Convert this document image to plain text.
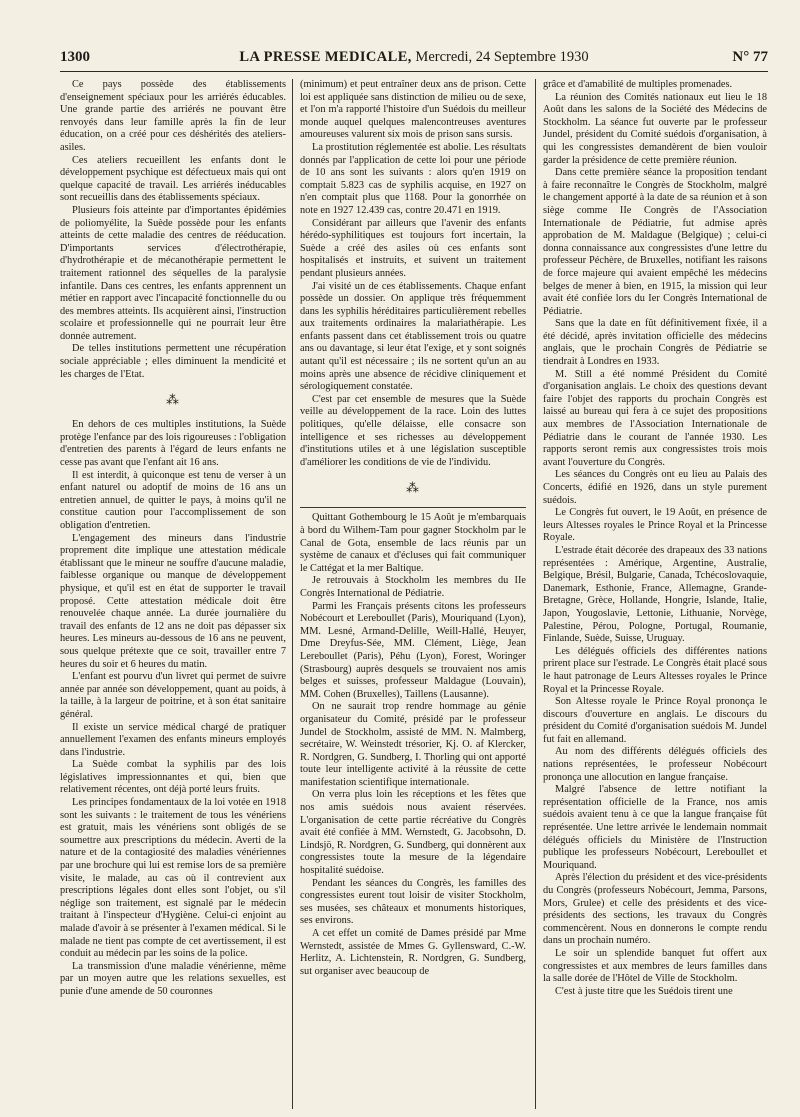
1300	LA PRESSE MEDICALE, Mercredi, 24 Septembre 1930	N° 77

Ce pays possède des établissements d'enseignement spéciaux pour les arriérés éducables. Une grande partie des arriérés ne pouvant être renvoyés dans leur famille après la fin de leur éducation, on a créé pour ces déshérités des ateliers-asiles.

Ces ateliers recueillent les enfants dont le développement psychique est défectueux mais qui ont quelque capacité de travail. Les arriérés inéducables sont recueillis dans des établissements spéciaux.

Plusieurs fois atteinte par d'importantes épidémies de poliomyélite, la Suède possède pour les enfants atteints de cette maladie des centres de rééducation. D'importants services d'électrothérapie, d'hydrothérapie et de mécanothérapie permettent le traitement rationnel des séquelles de la paralysie infantile. Dans ces centres, les enfants apprennent un métier en rapport avec l'incapacité fonctionnelle du ou des membres atteints. Ils acquièrent ainsi, l'instruction scolaire et professionnelle qui ne pourrait leur être donnée autrement.

De telles institutions permettent une récupération sociale appréciable ; elles diminuent la mendicité et les charges de l'Etat.

⁂

En dehors de ces multiples institutions, la Suède protège l'enfance par des lois rigoureuses : l'obligation d'entretien des parents à l'égard de leurs enfants ne cesse pas avant que l'enfant ait 16 ans.

Il est interdit, à quiconque est tenu de verser à un enfant naturel ou adoptif de moins de 16 ans un entretien annuel, de quitter le pays, à moins qu'il ne constitue caution pour l'accomplissement de son obligation d'entretien.

L'engagement des mineurs dans l'industrie proprement dite implique une attestation médicale établissant que le mineur ne souffre d'aucune maladie, faiblesse organique ou manque de développement physique, et qu'il est en état de supporter le travail proposé. Cette attestation médicale doit être renouvelée chaque année. La durée journalière du travail des enfants de 12 ans ne doit pas dépasser six heures. Les mineurs au-dessous de 16 ans ne peuvent, sous quelque prétexte que ce soit, travailler entre 7 heures du soir et 6 heures du matin.

L'enfant est pourvu d'un livret qui permet de suivre année par année son développement, quant au poids, à la taille, à la largeur de poitrine, et à son état sanitaire général.

Il existe un service médical chargé de pratiquer annuellement l'examen des enfants mineurs employés dans l'industrie.

La Suède combat la syphilis par des lois législatives impressionnantes et qui, bien que relativement récentes, ont déjà porté leurs fruits.

Les principes fondamentaux de la loi votée en 1918 sont les suivants : le traitement de tous les vénériens est gratuit, mais les vénériens sont obligés de se soumettre aux prescriptions du médecin. Averti de la nature et de la contagiosité des maladies vénériennes par une brochure qui lui est remise lors de sa première visite, le malade, au cas où il contrevient aux prescriptions légales dont elles sont l'objet, ou s'il néglige son traitement, est signalé par le médecin traitant à l'inspecteur d'Hygiène. Celui-ci enjoint au malade d'avoir à se présenter à l'examen médical. Si le malade ne tient pas compte de cet avertissement, il est conduit au médecin par les soins de la police.

La transmission d'une maladie vénérienne, même par un moyen autre que les relations sexuelles, est punie d'une amende de 50 couronnes

(minimum) et peut entraîner deux ans de prison. Cette loi est appliquée sans distinction de milieu ou de sexe, et l'on m'a rapporté l'histoire d'un Suédois du meilleur monde auquel quelques malencontreuses aventures amoureuses valurent six mois de prison sans sursis.

La prostitution réglementée est abolie. Les résultats donnés par l'application de cette loi pour une période de 10 ans sont les suivants : alors qu'en 1919 on comptait 5.823 cas de syphilis acquise, en 1927 on n'en comptait plus que 1168. Pour la gonorrhée on note en 1927 12.439 cas, contre 20.471 en 1919.

Considérant par ailleurs que l'avenir des enfants hérédo-syphilitiques est toujours fort incertain, la Suède a créé des asiles où ces enfants sont hospitalisés et instruits, et suivent un traitement pendant plusieurs années.

J'ai visité un de ces établissements. Chaque enfant possède un dossier. On applique très fréquemment dans les syphilis héréditaires particulièrement rebelles aux traitements ordinaires la malariathérapie. Les enfants passent dans cet établissement trois ou quatre ans ou davantage, si leur état l'exige, et y sont soignés autant qu'il est nécessaire ; ils ne sortent qu'un an au moins après une absence de récidive cliniquement et sérologiquement constatée.

C'est par cet ensemble de mesures que la Suède veille au développement de la race. Loin des luttes politiques, qu'elle délaisse, elle consacre son intelligence et ses richesses au développement d'institutions utiles et à une législation susceptible d'améliorer les conditions de vie de l'individu.

⁂

Quittant Gothembourg le 15 Août je m'embarquais à bord du Wilhem-Tam pour gagner Stockholm par le Canal de Gota, ensemble de lacs réunis par un système de canaux et d'écluses qui fait communiquer le Cattégat et la mer Baltique.

Je retrouvais à Stockholm les membres du IIe Congrès International de Pédiatrie.

Parmi les Français présents citons les professeurs Nobécourt et Lereboullet (Paris), Mouriquand (Lyon), MM. Lesné, Armand-Delille, Weill-Hallé, Heuyer, Dme Dreyfus-Sée, MM. Clément, Liège, Jean Lereboullet (Paris), Péhu (Lyon), Forest, Woringer (Strasbourg) auprès desquels se trouvaient nos amis belges et suisses, professeur Maldague (Louvain), MM. Cohen (Bruxelles), Taillens (Lausanne).

On ne saurait trop rendre hommage au génie organisateur du Comité, présidé par le professeur Jundel de Stockholm, assisté de MM. N. Malmberg, secrétaire, W. Weinstedt trésorier, Kj. O. af Klercker, R. Nordgren, G. Sundberg, I. Thorling qui ont apporté toute leur intelligente activité à la réussite de cette manifestation scientifique internationale.

On verra plus loin les réceptions et les fêtes que nos amis suédois nous avaient réservées. L'organisation de cette partie récréative du Congrès avait été confiée à MM. Wernstedt, G. Jacobsohn, D. Lindsjö, R. Nordgren, G. Sundberg, qui donnèrent aux congressistes toute la mesure de la légendaire hospitalité suédoise.

Pendant les séances du Congrès, les familles des congressistes eurent tout loisir de visiter Stockholm, ses musées, ses châteaux et monuments historiques, ses environs.

A cet effet un comité de Dames présidé par Mme Wernstedt, assistée de Mmes G. Gyllensward, C.-W. Herlitz, A. Lichtenstein, R. Nordgren, G. Sundberg, sut organiser avec beaucoup de

grâce et d'amabilité de multiples promenades.

La réunion des Comités nationaux eut lieu le 18 Août dans les salons de la Société des Médecins de Stockholm. La séance fut ouverte par le professeur Jundel, président du Comité suédois d'organisation, à qui les congressistes demandèrent de bien vouloir garder la présidence de cette première réunion.

Dans cette première séance la proposition tendant à faire reconnaître le Congrès de Stockholm, malgré le changement apporté à la date de sa réunion et à son siège comme IIe Congrès de l'Association Internationale de Pédiatrie, fut admise après approbation de M. Maldague (Belgique) ; celui-ci donna connaissance aux congressistes d'une lettre du professeur Péchère, de Bruxelles, notifiant les raisons de force majeure qui avaient empêché les médecins belges de mener à bien, en 1915, la mission qui leur avait été confiée lors du Ier Congrès International de Pédiatrie.

Sans que la date en fût définitivement fixée, il a été décidé, après invitation officielle des médecins anglais, que le prochain Congrès de Pédiatrie se tiendrait à Londres en 1933.

M. Still a été nommé Président du Comité d'organisation anglais. Le choix des questions devant faire l'objet des rapports du prochain Congrès est laissé au bureau qui fera à ce sujet des propositions aux membres de l'Association Internationale de Pédiatrie dans le courant de l'année 1930. Les rapports seront remis aux congressistes trois mois avant l'ouverture du Congrès.

Les séances du Congrès ont eu lieu au Palais des Concerts, édifié en 1926, dans un style purement suédois.

Le Congrès fut ouvert, le 19 Août, en présence de leurs Altesses royales le Prince Royal et la Princesse Royale.

L'estrade était décorée des drapeaux des 33 nations représentées : Amérique, Argentine, Australie, Belgique, Brésil, Bulgarie, Canada, Tchécoslovaquie, Danemark, Esthonie, France, Allemagne, Grande-Bretagne, Grèce, Hollande, Hongrie, Islande, Italie, Japon, Yougoslavie, Lettonie, Lithuanie, Norvège, Palestine, Pérou, Pologne, Portugal, Roumanie, Finlande, Suède, Suisse, Uruguay.

Les délégués officiels des différentes nations prirent place sur l'estrade. Le Congrès était placé sous le haut patronage de Leurs Altesses royales le Prince Royal et la Princesse Royale.

Son Altesse royale le Prince Royal prononça le discours d'ouverture en anglais. Le discours du président du Comité d'organisation suédois M. Jundel fut fait en allemand.

Au nom des différents délégués officiels des nations représentées, le professeur Nobécourt prononça une allocution en langue française.

Malgré l'absence de lettre notifiant la représentation officielle de la France, nos amis suédois avaient tenu à ce que la langue française fût représentée. Une lettre arrivée le lendemain nommait délégués officiels du Ministère de l'Instruction publique les professeurs Nobécourt, Lereboullet et Mouriquand.

Après l'élection du président et des vice-présidents du Congrès (professeurs Nobécourt, Jemma, Parsons, Mors, Grulee) et celle des présidents et des vice-présidents des sections, les travaux du Congrès commencèrent. Nous en donnerons le compte rendu dans un prochain numéro.

Le soir un splendide banquet fut offert aux congressistes et aux membres de leurs familles dans la salle dorée de l'Hôtel de Ville de Stockholm.

C'est à juste titre que les Suédois tirent une
